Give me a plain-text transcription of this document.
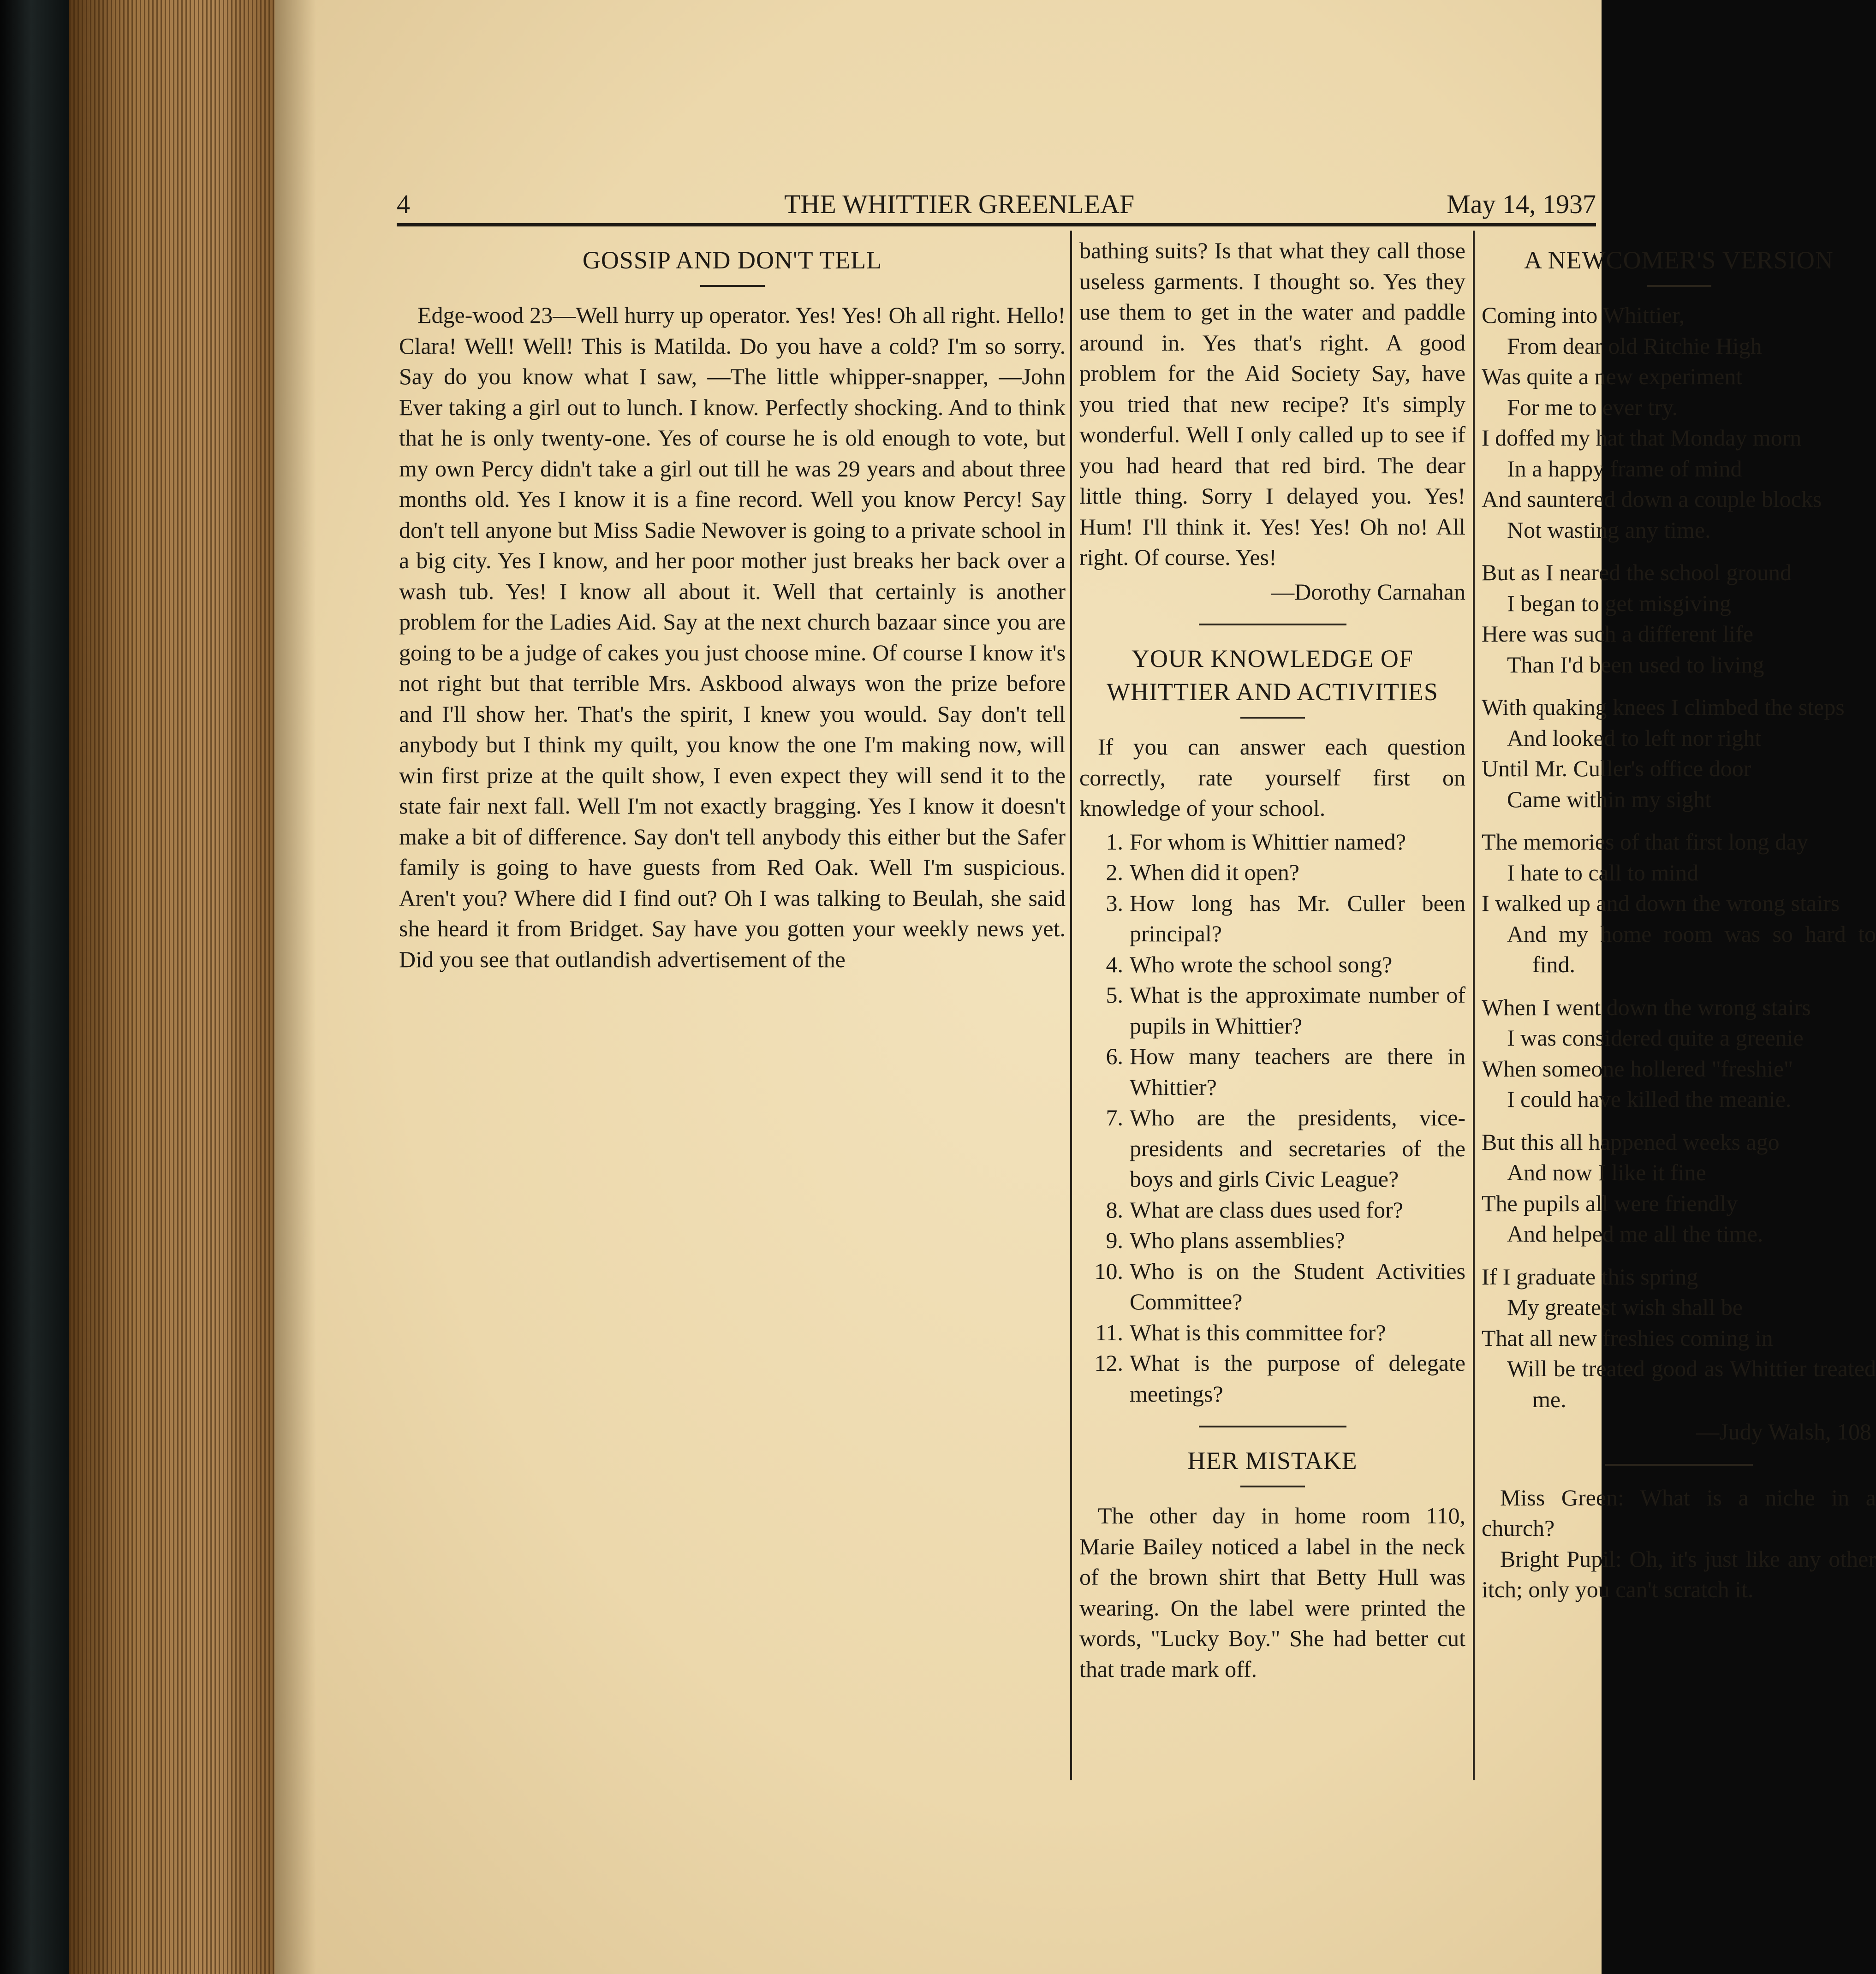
4	THE WHITTIER GREENLEAF	May 14, 1937
GOSSIP AND DON'T TELL

Edge-wood 23—Well hurry up operator. Yes! Yes! Oh all right. Hello! Clara! Well! Well! This is Matilda. Do you have a cold? I'm so sorry. Say do you know what I saw, —The little whipper-snapper, —John Ever taking a girl out to lunch. I know. Perfectly shocking. And to think that he is only twenty-one. Yes of course he is old enough to vote, but my own Percy didn't take a girl out till he was 29 years and about three months old. Yes I know it is a fine record. Well you know Percy! Say don't tell anyone but Miss Sadie Newover is going to a private school in a big city. Yes I know, and her poor mother just breaks her back over a wash tub. Yes! I know all about it. Well that certainly is another problem for the Ladies Aid. Say at the next church bazaar since you are going to be a judge of cakes you just choose mine. Of course I know it's not right but that terrible Mrs. Askbood always won the prize before and I'll show her. That's the spirit, I knew you would. Say don't tell anybody but I think my quilt, you know the one I'm making now, will win first prize at the quilt show, I even expect they will send it to the state fair next fall. Well I'm not exactly bragging. Yes I know it doesn't make a bit of difference. Say don't tell anybody this either but the Safer family is going to have guests from Red Oak. Well I'm suspicious. Aren't you? Where did I find out? Oh I was talking to Beulah, she said she heard it from Bridget. Say have you gotten your weekly news yet. Did you see that outlandish advertisement of the

bathing suits? Is that what they call those useless garments. I thought so. Yes they use them to get in the water and paddle around in. Yes that's right. A good problem for the Aid Society Say, have you tried that new recipe? It's simply wonderful. Well I only called up to see if you had heard that red bird. The dear little thing. Sorry I delayed you. Yes! Hum! I'll think it. Yes! Yes! Oh no! All right. Of course. Yes!

—Dorothy Carnahan
YOUR KNOWLEDGE OF WHITTIER AND ACTIVITIES

If you can answer each question correctly, rate yourself first on knowledge of your school.

1. For whom is Whittier named?
2. When did it open?
3. How long has Mr. Culler been principal?
4. Who wrote the school song?
5. What is the approximate number of pupils in Whittier?
6. How many teachers are there in Whittier?
7. Who are the presidents, vice-presidents and secretaries of the boys and girls Civic League?
8. What are class dues used for?
9. Who plans assemblies?
10. Who is on the Student Activities Committee?
11. What is this committee for?
12. What is the purpose of delegate meetings?
HER MISTAKE

The other day in home room 110, Marie Bailey noticed a label in the neck of the brown shirt that Betty Hull was wearing. On the label were printed the words, "Lucky Boy." She had better cut that trade mark off.

A NEWCOMER'S VERSION

Coming into Whittier,

From dear old Ritchie High

Was quite a new experiment

For me to ever try.

I doffed my hat that Monday morn

In a happy frame of mind

And sauntered down a couple blocks

Not wasting any time.

But as I neared the school ground

I began to get misgiving

Here was such a different life

Than I'd been used to living

With quaking knees I climbed the steps

And looked to left nor right

Until Mr. Culler's office door

Came within my sight

The memories of that first long day

I hate to call to mind

I walked up and down the wrong stairs

And my home room was so hard to find.

When I went down the wrong stairs

I was considered quite a greenie

When someone hollered "freshie"

I could have killed the meanie.

But this all happened weeks ago

And now I like it fine

The pupils all were friendly

And helped me all the time.

If I graduate this spring

My greatest wish shall be

That all new freshies coming in

Will be treated good as Whittier treated me.

—Judy Walsh, 108

Miss Green: What is a niche in a church?

Bright Pupil: Oh, it's just like any other itch; only you can't scratch it.
